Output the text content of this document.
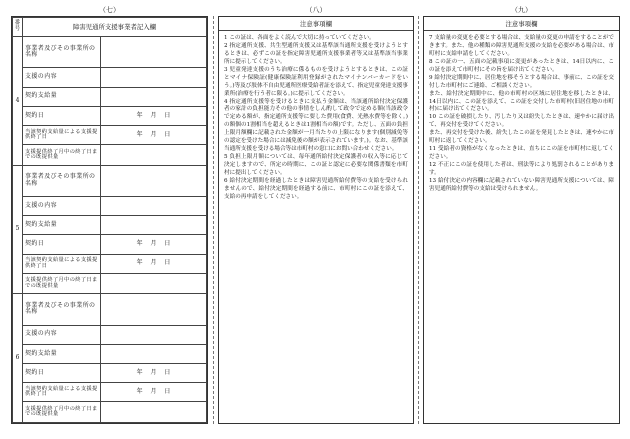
（七）	（八）	（九）
番号	障害児通所支援事業者記入欄	
4	事業者及びその事業所の名称	
	支援の内容	
	契約支給量	
	契約日	年 月 日
	当該契約支給量による支援提供終了日	年 月 日
	支援提供終了月中の終了日までの既提供量	
5	事業者及びその事業所の名称	
	支援の内容	
	契約支給量	
	契約日	年 月 日
	当該契約支給量による支援提供終了日	年 月 日
	支援提供終了月中の終了日までの既提供量	
6	事業者及びその事業所の名称	
	支援の内容	
	契約支給量	
	契約日	年 月 日
	当該契約支給量による支援提供終了日	年 月 日
	支援提供終了月中の終了日までの既提供量	
注意事項欄

1 この証は、各面をよく読んで大切に持っていてください。

2 指定通所支援、共生型通所支援又は基準該当通所支援を受けようとするときは、必ずこの証を指定障害児通所支援事業者等又は基準該当事業所に提示してください。

3 児童発達支援のうち治療に係るものを受けようとするときは、この証とマイナ保険証(健康保険証利用登録がされたマイナンバーカードをいう。)等及び肢体不自由児通所医療受給者証を添えて、指定児童発達支援事業所(治療を行う者に限る。)に提示してください。

4 指定通所支援等を受けるときに支払う金額は、当該通所給付決定保護者の家計の負担能力その他の事情をしん酌して政令で定める額(当該政令で定める額が、指定通所支援等に要した費用(食費、光熱水費等を除く。)の額個の1割相当を超えるときは1割相当の額)です。ただし、五面の負担上限月額欄に記載された金額が一月当たりの上限になります(個別減免等の認定を受けた場合には減免後の額が表示されています。)。なお、基準該当通所支援を受ける場合等は市町村の窓口にお問い合わせください。

5 負担上限月額については、毎年通所給付決定保護者の収入等に応じて決定しますので、所定の時期に、この証と認定に必要な関係書類を市町村に提出してください。

6 給付決定期間を経過したときは障害児通所給付費等の支給を受けられませんので、給付決定期間を経過する前に、市町村にこの証を添えて、支給の再申請をしてください。

注意事項欄

7 支給量の変更を必要とする場合は、支給量の変更の申請をすることができます。また、他の種類の障害児通所支援の支給を必要がある場合は、市町村に支給申請をしてください。

8 この証の一、五面の記載事項に変更があったときは、14日以内に、この証を添えて市町村にその旨を届け出てください。

9 給付決定期間中に、居住地を移そうとする場合は、事前に、この証を交付した市町村にご連絡、ご相談ください。

また、給付決定期間中に、他の市町村の区域に居住地を移したときは、14日以内に、この証を添えて、この証を交付した市町村(旧居住地の市町村)に届け出てください。

10 この証を破損したり、汚したり又は紛失したときは、速やかに届け出て、再交付を受けてください。

また、再交付を受けた後、紛失したこの証を発見したときは、速やかに市町村に返してください。

11 受給者の資格がなくなったときは、直ちにこの証を市町村に返してください。

12 不正にこの証を使用した者は、刑法等により処罰されることがあります。

13 給付決定の内容欄に記載されていない障害児通所支援については、障害児通所給付費等の支給は受けられません。
